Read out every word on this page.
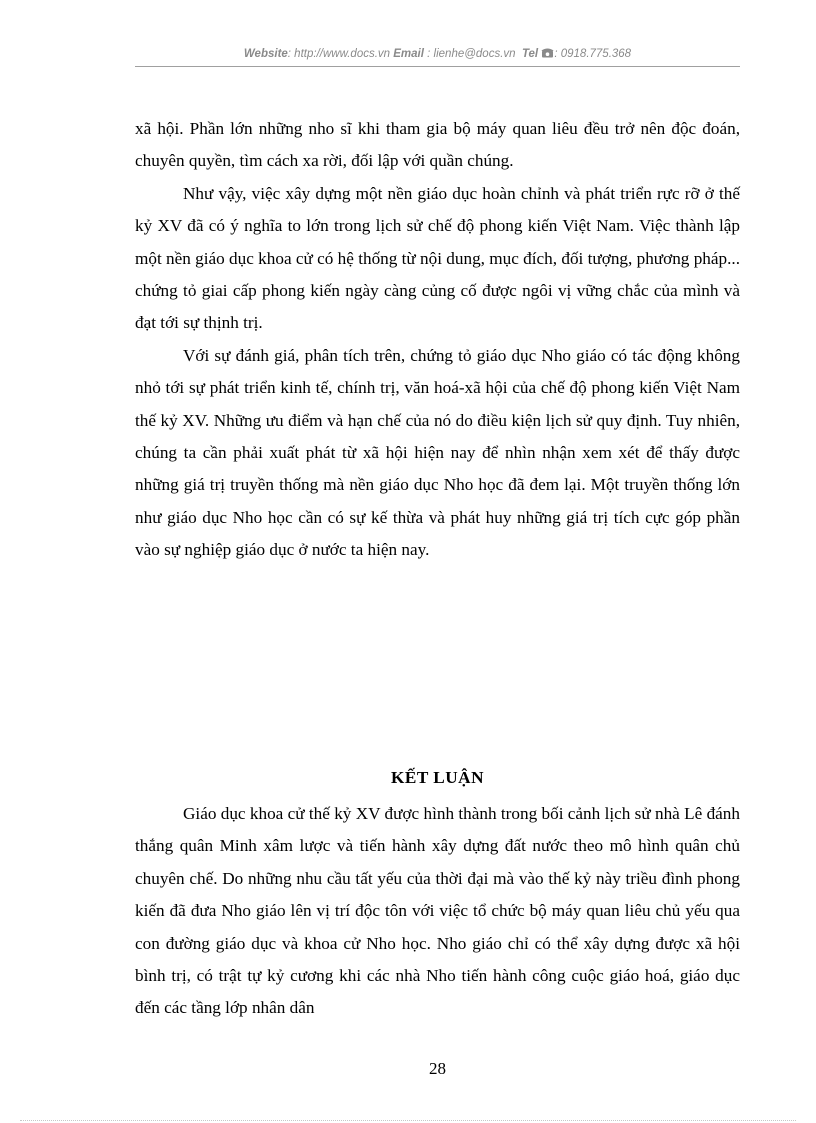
Website: http://www.docs.vn Email : lienhe@docs.vn Tel : 0918.775.368

xã hội. Phần lớn những nho sĩ khi tham gia bộ máy quan liêu đều trở nên độc đoán, chuyên quyền, tìm cách xa rời, đối lập với quần chúng.

Như vậy, việc xây dựng một nền giáo dục hoàn chỉnh và phát triển rực rỡ ở thế kỷ XV đã có ý nghĩa to lớn trong lịch sử chế độ phong kiến Việt Nam. Việc thành lập một nền giáo dục khoa cử có hệ thống từ nội dung, mục đích, đối tượng, phương pháp... chứng tỏ giai cấp phong kiến ngày càng củng cố được ngôi vị vững chắc của mình và đạt tới sự thịnh trị.

Với sự đánh giá, phân tích trên, chứng tỏ giáo dục Nho giáo có tác động không nhỏ tới sự phát triển kinh tế, chính trị, văn hoá-xã hội của chế độ phong kiến Việt Nam thế kỷ XV. Những ưu điểm và hạn chế của nó do điều kiện lịch sử quy định. Tuy nhiên, chúng ta cần phải xuất phát từ xã hội hiện nay để nhìn nhận xem xét để thấy được những giá trị truyền thống mà nền giáo dục Nho học đã đem lại. Một truyền thống lớn như giáo dục Nho học cần có sự kế thừa và phát huy những giá trị tích cực góp phần vào sự nghiệp giáo dục ở nước ta hiện nay.

KẾT LUẬN

Giáo dục khoa cử thế kỷ XV được hình thành trong bối cảnh lịch sử nhà Lê đánh thắng quân Minh xâm lược và tiến hành xây dựng đất nước theo mô hình quân chủ chuyên chế. Do những nhu cầu tất yếu của thời đại mà vào thế kỷ này triều đình phong kiến đã đưa Nho giáo lên vị trí độc tôn với việc tổ chức bộ máy quan liêu chủ yếu qua con đường giáo dục và khoa cử Nho học. Nho giáo chỉ có thể xây dựng được xã hội bình trị, có trật tự kỷ cương khi các nhà Nho tiến hành công cuộc giáo hoá, giáo dục đến các tầng lớp nhân dân

28
